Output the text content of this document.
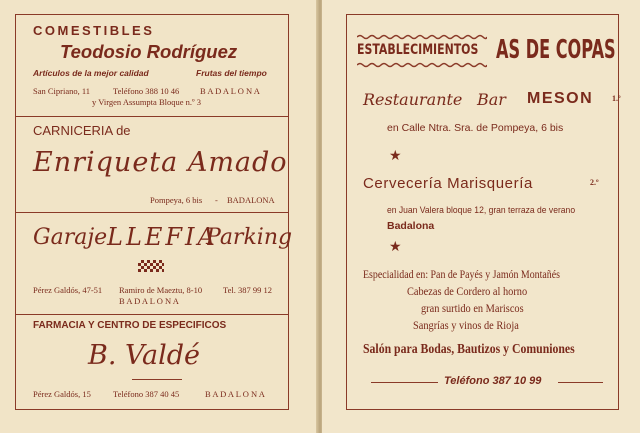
COMESTIBLES
Teodosio Rodríguez
Artículos de la mejor calidad	Frutas del tiempo
San Cipriano, 11	Teléfono 388 10 46 B A D A L O N A
y Virgen Assumpta Bloque n.º 3
CARNICERIA de
Enriqueta Amado
Pompeya, 6 bis - BADALONA
Garaje LLEFIA
Parking
Pérez Galdós, 47-51 Ramiro de Maeztu, 8-10 Tel. 387 99 12
B A D A L O N A
FARMACIA Y CENTRO DE ESPECIFICOS
B. Valdé
Pérez Galdós, 15	Teléfono 387 40 45	B A D A L O N A
ESTABLECIMIENTOS AS DE COPAS
Restaurante Bar MESON 1.º
en Calle Ntra. Sra. de Pompeya, 6 bis
★
Cervecería Marisquería	2.º
en Juan Valera bloque 12, gran terraza de verano
Badalona
★
Especialidad en: Pan de Payés y Jamón Montañés
Cabezas de Cordero al horno
gran surtido en Mariscos
Sangrías y vinos de Rioja
Salón para Bodas, Bautizos y Comuniones
Teléfono 387 10 99
